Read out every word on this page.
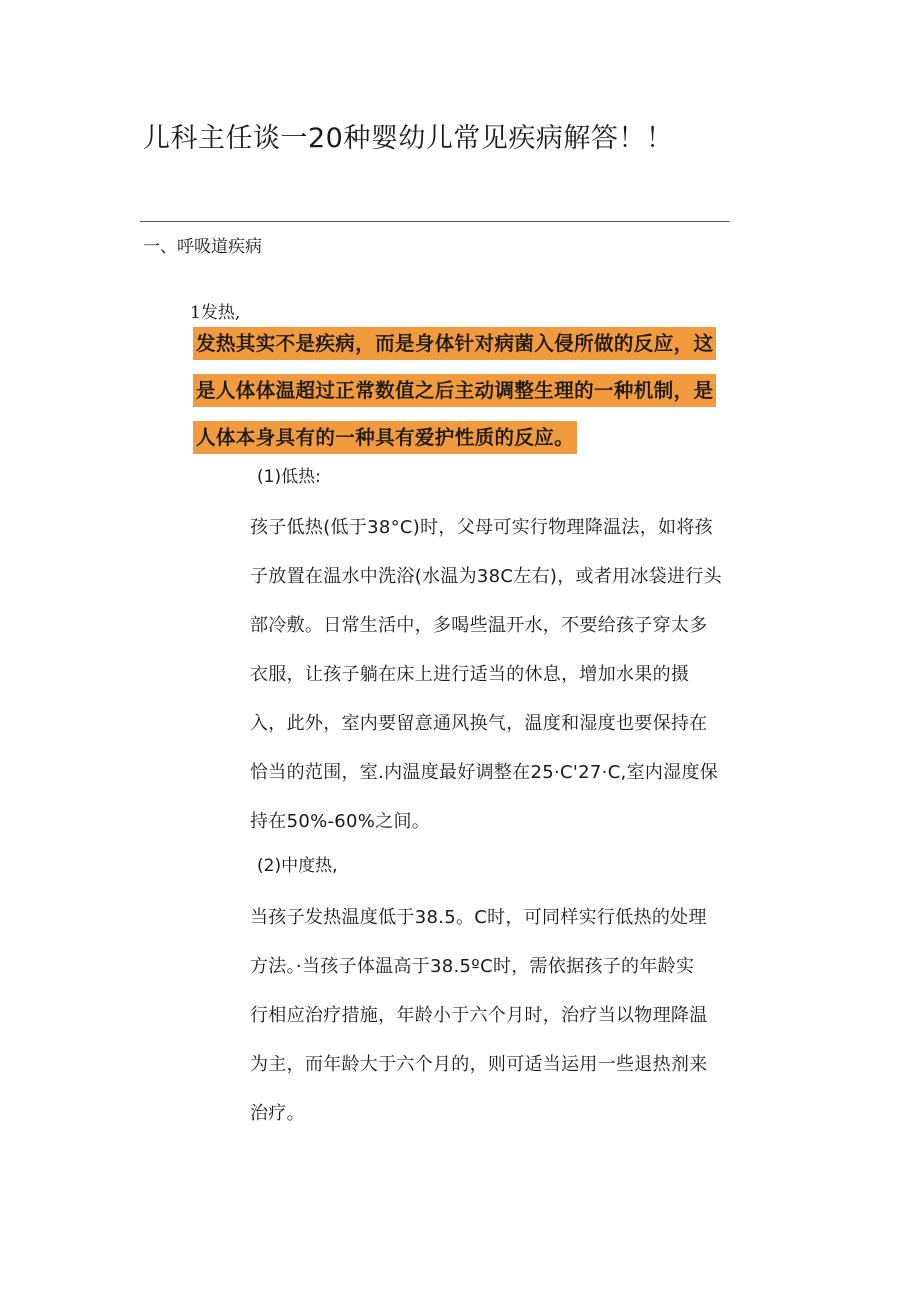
儿科主任谈一20种婴幼儿常见疾病解答！！
一、呼吸道疾病
1发热,
发热其实不是疾病，而是身体针对病菌入侵所做的反应，这
是人体体温超过正常数值之后主动调整生理的一种机制，是
人体本身具有的一种具有爱护性质的反应。
(1)低热:
孩子低热(低于38°C)时，父母可实行物理降温法，如将孩
子放置在温水中洗浴(水温为38C左右)，或者用冰袋进行头
部冷敷。日常生活中，多喝些温开水，不要给孩子穿太多
衣服，让孩子躺在床上进行适当的休息，增加水果的摄
入，此外，室内要留意通风换气，温度和湿度也要保持在
恰当的范围，室.内温度最好调整在25·C'27·C,室内湿度保
持在50%-60%之间。
(2)中度热,
当孩子发热温度低于38.5。C时，可同样实行低热的处理
方法。·当孩子体温高于38.5ºC时，需依据孩子的年龄实
行相应治疗措施，年龄小于六个月时，治疗当以物理降温
为主，而年龄大于六个月的，则可适当运用一些退热剂来
治疗。
